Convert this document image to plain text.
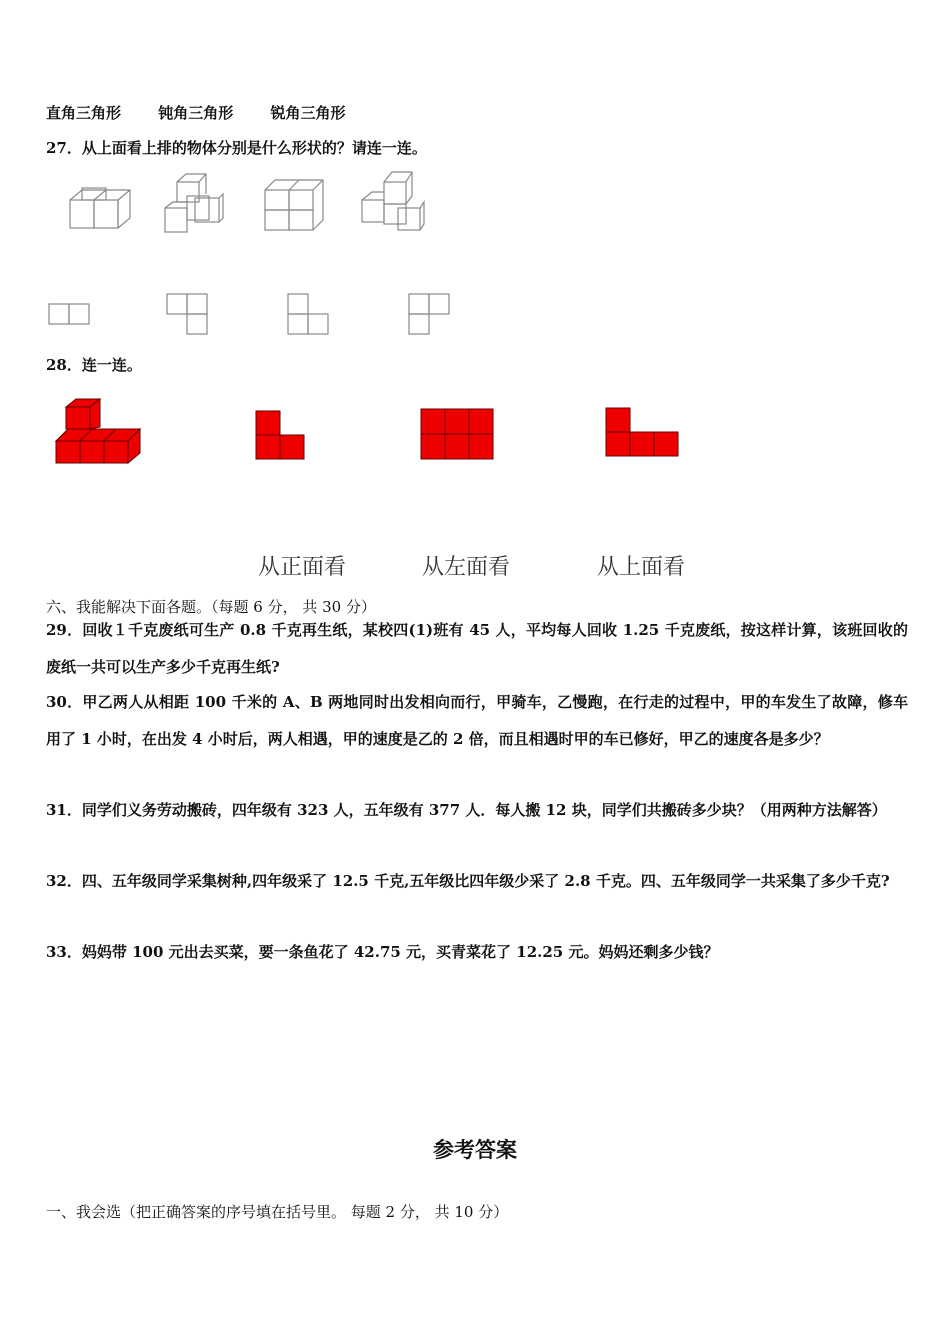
直角三角形 钝角三角形 锐角三角形
27．从上面看上排的物体分别是什么形状的？请连一连。
28．连一连。
从正面看	从左面看	从上面看
六、我能解决下面各题。（每题 6 分， 共 30 分）
29．回收１千克废纸可生产 0.8 千克再生纸，某校四(1)班有 45 人，平均每人回收 1.25 千克废纸，按这样计算，该班回收的废纸一共可以生产多少千克再生纸?
30．甲乙两人从相距 100 千米的 A、B 两地同时出发相向而行，甲骑车，乙慢跑，在行走的过程中，甲的车发生了故障，修车用了 1 小时，在出发 4 小时后，两人相遇，甲的速度是乙的 2 倍，而且相遇时甲的车已修好，甲乙的速度各是多少？
31．同学们义务劳动搬砖，四年级有 323 人，五年级有 377 人．每人搬 12 块，同学们共搬砖多少块？（用两种方法解答）
32．四、五年级同学采集树种,四年级采了 12.5 千克,五年级比四年级少采了 2.8 千克。四、五年级同学一共采集了多少千克?
33．妈妈带 100 元出去买菜，要一条鱼花了 42.75 元，买青菜花了 12.25 元。妈妈还剩多少钱？
参考答案
一、我会选（把正确答案的序号填在括号里。 每题 2 分， 共 10 分）
